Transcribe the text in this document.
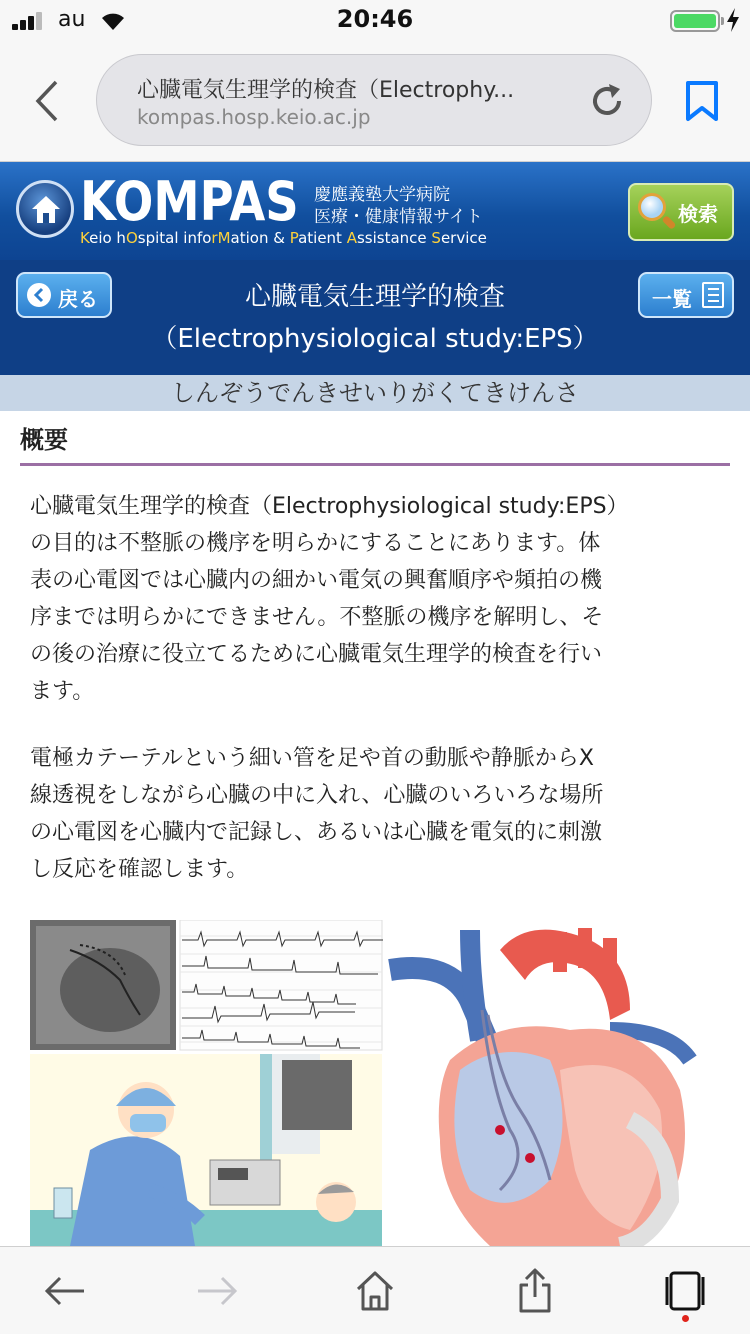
au	20:46
心臓電気生理学的検査（Electrophy...
kompas.hosp.keio.ac.jp
KOMPAS 慶應義塾大学病院
医療・健康情報サイト
Keio hOspital inforMation & Patient Assistance Service
検索
戻る	心臓電気生理学的検査
（Electrophysiological study:EPS）
一覧
しんぞうでんきせいりがくてきけんさ
概要
心臓電気生理学的検査（Electrophysiological study:EPS）
の目的は不整脈の機序を明らかにすることにあります。体
表の心電図では心臓内の細かい電気の興奮順序や頻拍の機
序までは明らかにできません。不整脈の機序を解明し、そ
の後の治療に役立てるために心臓電気生理学的検査を行い
ます。
電極カテーテルという細い管を足や首の動脈や静脈からX
線透視をしながら心臓の中に入れ、心臓のいろいろな場所
の心電図を心臓内で記録し、あるいは心臓を電気的に刺激
し反応を確認します。
